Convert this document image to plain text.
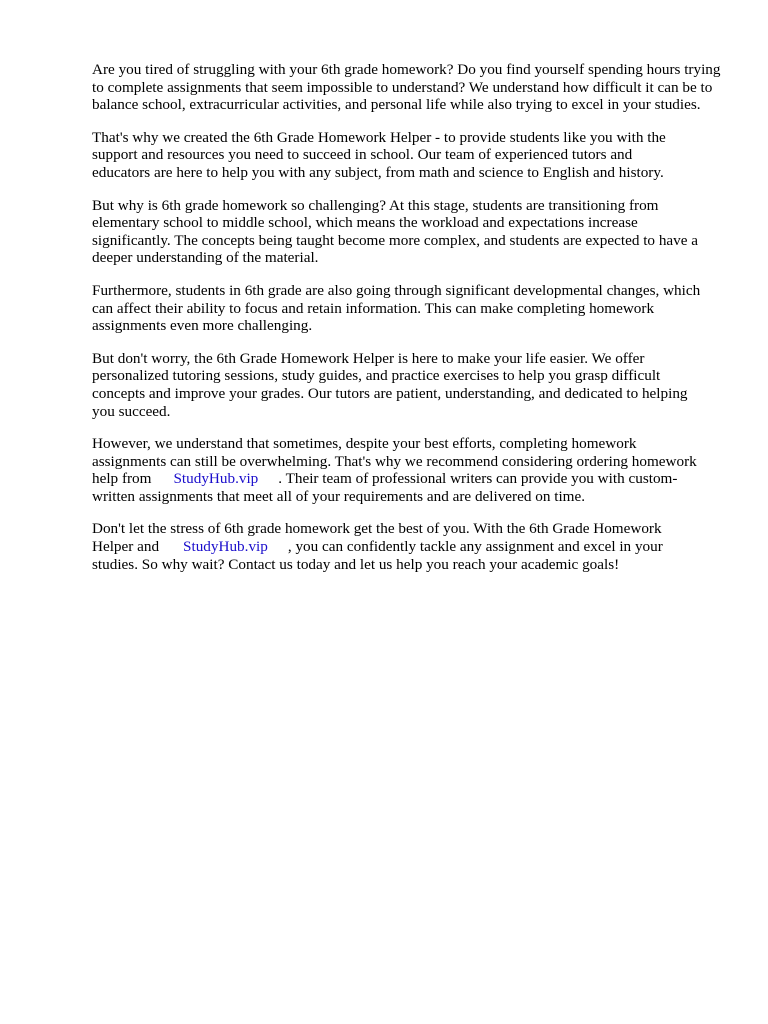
Are you tired of struggling with your 6th grade homework? Do you find yourself spending hours trying to complete assignments that seem impossible to understand? We understand how difficult it can be to balance school, extracurricular activities, and personal life while also trying to excel in your studies.

That's why we created the 6th Grade Homework Helper - to provide students like you with the support and resources you need to succeed in school. Our team of experienced tutors and educators are here to help you with any subject, from math and science to English and history.

But why is 6th grade homework so challenging? At this stage, students are transitioning from elementary school to middle school, which means the workload and expectations increase significantly. The concepts being taught become more complex, and students are expected to have a deeper understanding of the material.

Furthermore, students in 6th grade are also going through significant developmental changes, which can affect their ability to focus and retain information. This can make completing homework assignments even more challenging.

But don't worry, the 6th Grade Homework Helper is here to make your life easier. We offer personalized tutoring sessions, study guides, and practice exercises to help you grasp difficult concepts and improve your grades. Our tutors are patient, understanding, and dedicated to helping you succeed.

However, we understand that sometimes, despite your best efforts, completing homework assignments can still be overwhelming. That's why we recommend considering ordering homework help from StudyHub.vip . Their team of professional writers can provide you with custom-written assignments that meet all of your requirements and are delivered on time.

Don't let the stress of 6th grade homework get the best of you. With the 6th Grade Homework Helper and StudyHub.vip , you can confidently tackle any assignment and excel in your studies. So why wait? Contact us today and let us help you reach your academic goals!
